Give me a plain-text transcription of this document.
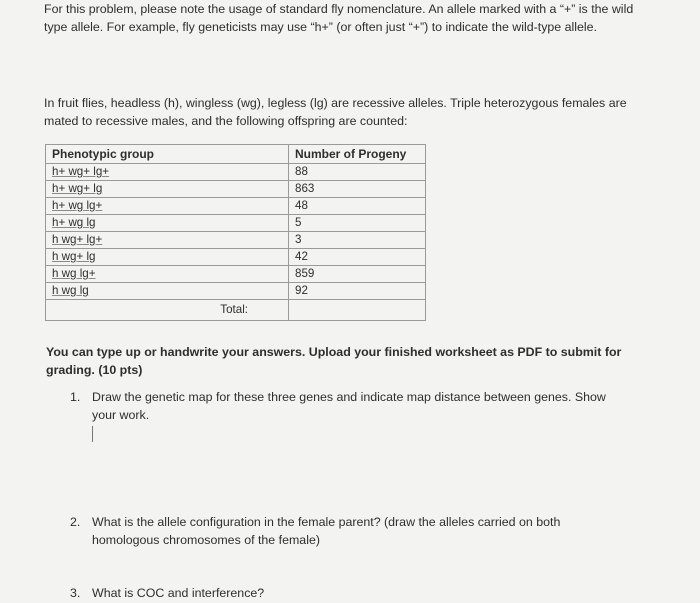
For this problem, please note the usage of standard fly nomenclature. An allele marked with a “+” is the wild type allele. For example, fly geneticists may use “h+” (or often just “+”) to indicate the wild-type allele.
In fruit flies, headless (h), wingless (wg), legless (lg) are recessive alleles. Triple heterozygous females are mated to recessive males, and the following offspring are counted:
Phenotypic group	Number of Progeny
h+ wg+ lg+	88
h+ wg+ lg	863
h+ wg lg+	48
h+ wg lg	5
h wg+ lg+	3
h wg+ lg	42
h wg lg+	859
h wg lg	92
Total:	
You can type up or handwrite your answers. Upload your finished worksheet as PDF to submit for grading. (10 pts)
1. Draw the genetic map for these three genes and indicate map distance between genes. Show your work.
2. What is the allele configuration in the female parent? (draw the alleles carried on both homologous chromosomes of the female)
3. What is COC and interference?
